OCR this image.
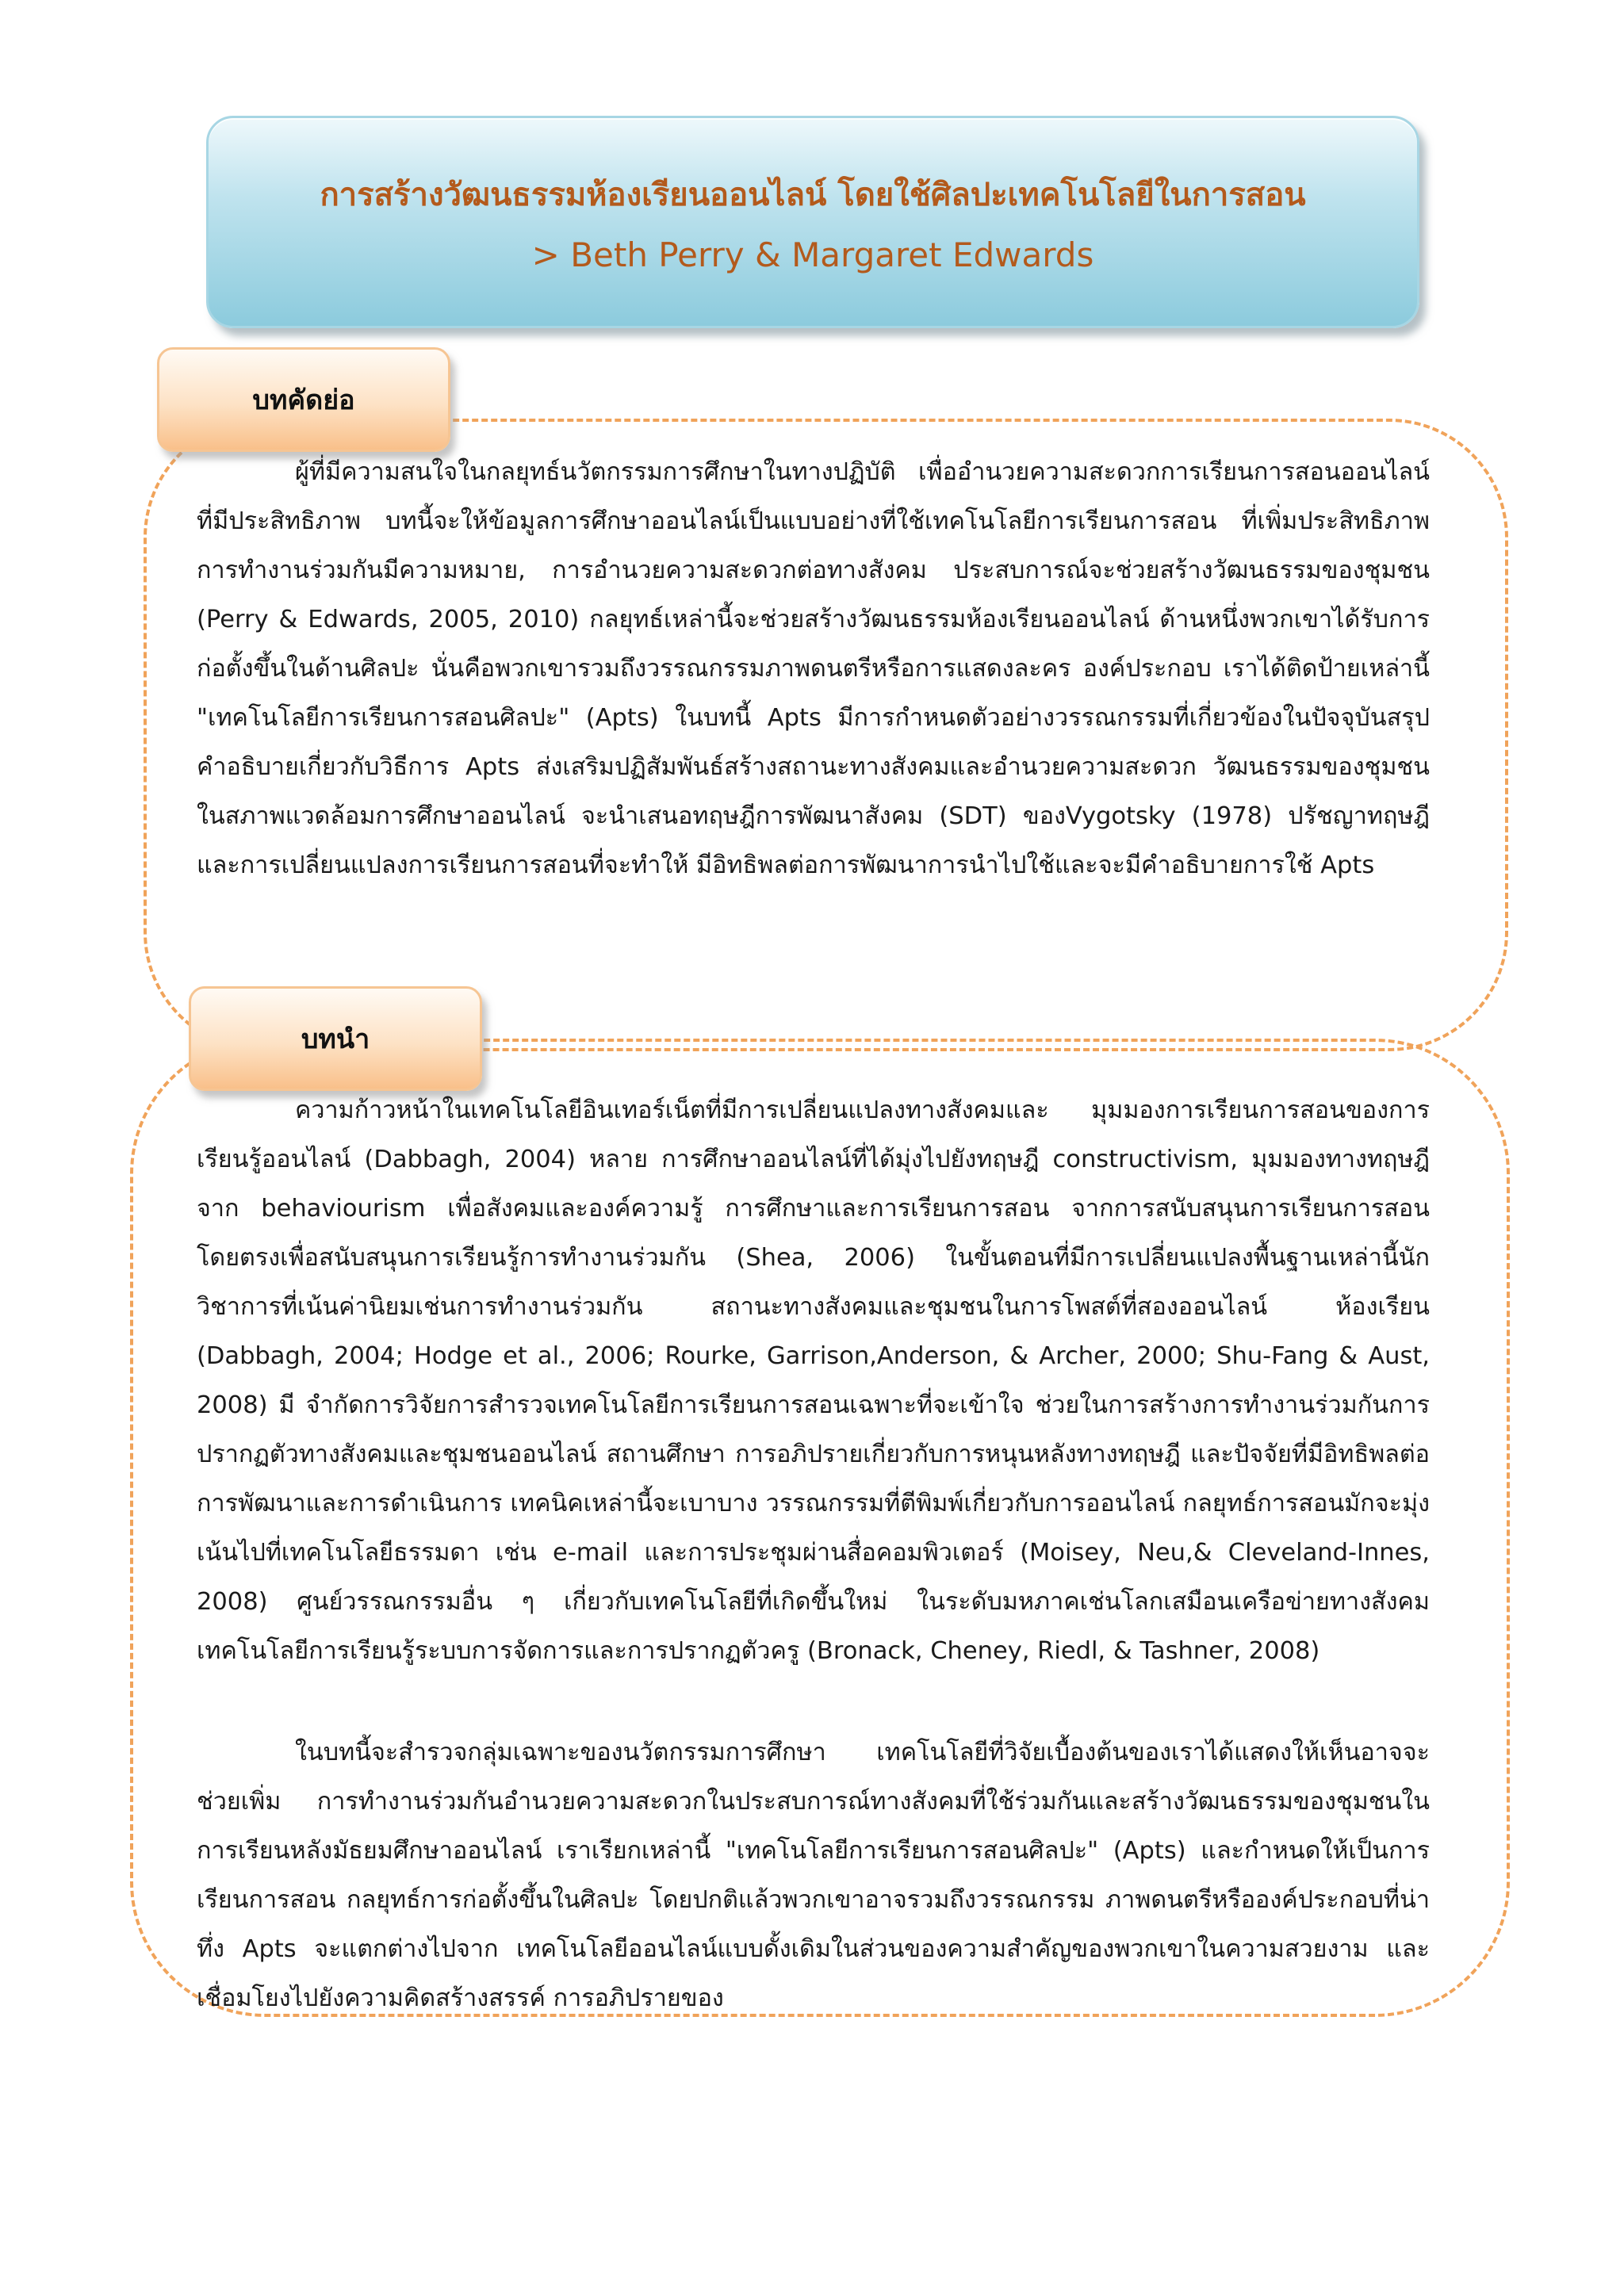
การสร้างวัฒนธรรมห้องเรียนออนไลน์ โดยใช้ศิลปะเทคโนโลยีในการสอน
> Beth Perry & Margaret Edwards
บทคัดย่อ

ผู้ที่มีความสนใจในกลยุทธ์นวัตกรรมการศึกษาในทางปฏิบัติ เพื่ออำนวยความสะดวกการเรียนการสอนออนไลน์ที่มีประสิทธิภาพ บทนี้จะให้ข้อมูลการศึกษาออนไลน์เป็นแบบอย่างที่ใช้เทคโนโลยีการเรียนการสอน ที่เพิ่มประสิทธิภาพการทำงานร่วมกันมีความหมาย, การอำนวยความสะดวกต่อทางสังคม ประสบการณ์จะช่วยสร้างวัฒนธรรมของชุมชน (Perry & Edwards, 2005, 2010) กลยุทธ์เหล่านี้จะช่วยสร้างวัฒนธรรมห้องเรียนออนไลน์ ด้านหนึ่งพวกเขาได้รับการก่อตั้งขึ้นในด้านศิลปะ นั่นคือพวกเขารวมถึงวรรณกรรมภาพดนตรีหรือการแสดงละคร องค์ประกอบ เราได้ติดป้ายเหล่านี้ "เทคโนโลยีการเรียนการสอนศิลปะ" (Apts) ในบทนี้ Apts มีการกำหนดตัวอย่างวรรณกรรมที่เกี่ยวข้องในปัจจุบันสรุป คำอธิบายเกี่ยวกับวิธีการ Apts ส่งเสริมปฏิสัมพันธ์สร้างสถานะทางสังคมและอำนวยความสะดวก วัฒนธรรมของชุมชนในสภาพแวดล้อมการศึกษาออนไลน์ จะนำเสนอทฤษฎีการพัฒนาสังคม (SDT) ของVygotsky (1978) ปรัชญาทฤษฎีและการเปลี่ยนแปลงการเรียนการสอนที่จะทำให้ มีอิทธิพลต่อการพัฒนาการนำไปใช้และจะมีคำอธิบายการใช้ Apts

บทนำ

ความก้าวหน้าในเทคโนโลยีอินเทอร์เน็ตที่มีการเปลี่ยนแปลงทางสังคมและ มุมมองการเรียนการสอนของการเรียนรู้ออนไลน์ (Dabbagh, 2004) หลาย การศึกษาออนไลน์ที่ได้มุ่งไปยังทฤษฎี constructivism, มุมมองทางทฤษฎีจาก behaviourism เพื่อสังคมและองค์ความรู้ การศึกษาและการเรียนการสอน จากการสนับสนุนการเรียนการสอนโดยตรงเพื่อสนับสนุนการเรียนรู้การทำงานร่วมกัน (Shea, 2006) ในขั้นตอนที่มีการเปลี่ยนแปลงพื้นฐานเหล่านี้นักวิชาการที่เน้นค่านิยมเช่นการทำงานร่วมกัน สถานะทางสังคมและชุมชนในการโพสต์ที่สองออนไลน์ ห้องเรียน (Dabbagh, 2004; Hodge et al., 2006; Rourke, Garrison,Anderson, & Archer, 2000; Shu-Fang & Aust, 2008) มี จำกัดการวิจัยการสำรวจเทคโนโลยีการเรียนการสอนเฉพาะที่จะเข้าใจ ช่วยในการสร้างการทำงานร่วมกันการปรากฏตัวทางสังคมและชุมชนออนไลน์ สถานศึกษา การอภิปรายเกี่ยวกับการหนุนหลังทางทฤษฎี และปัจจัยที่มีอิทธิพลต่อการพัฒนาและการดำเนินการ เทคนิคเหล่านี้จะเบาบาง วรรณกรรมที่ตีพิมพ์เกี่ยวกับการออนไลน์ กลยุทธ์การสอนมักจะมุ่งเน้นไปที่เทคโนโลยีธรรมดา เช่น e-mail และการประชุมผ่านสื่อคอมพิวเตอร์ (Moisey, Neu,& Cleveland-Innes, 2008) ศูนย์วรรณกรรมอื่น ๆ เกี่ยวกับเทคโนโลยีที่เกิดขึ้นใหม่ ในระดับมหภาคเช่นโลกเสมือนเครือข่ายทางสังคมเทคโนโลยีการเรียนรู้ระบบการจัดการและการปรากฏตัวครู (Bronack, Cheney, Riedl, & Tashner, 2008)

ในบทนี้จะสำรวจกลุ่มเฉพาะของนวัตกรรมการศึกษา เทคโนโลยีที่วิจัยเบื้องต้นของเราได้แสดงให้เห็นอาจจะช่วยเพิ่ม การทำงานร่วมกันอำนวยความสะดวกในประสบการณ์ทางสังคมที่ใช้ร่วมกันและสร้างวัฒนธรรมของชุมชนในการเรียนหลังมัธยมศึกษาออนไลน์ เราเรียกเหล่านี้ "เทคโนโลยีการเรียนการสอนศิลปะ" (Apts) และกำหนดให้เป็นการเรียนการสอน กลยุทธ์การก่อตั้งขึ้นในศิลปะ โดยปกติแล้วพวกเขาอาจรวมถึงวรรณกรรม ภาพดนตรีหรือองค์ประกอบที่น่าทึ่ง Apts จะแตกต่างไปจาก เทคโนโลยีออนไลน์แบบดั้งเดิมในส่วนของความสำคัญของพวกเขาในความสวยงาม และเชื่อมโยงไปยังความคิดสร้างสรรค์ การอภิปรายของ
